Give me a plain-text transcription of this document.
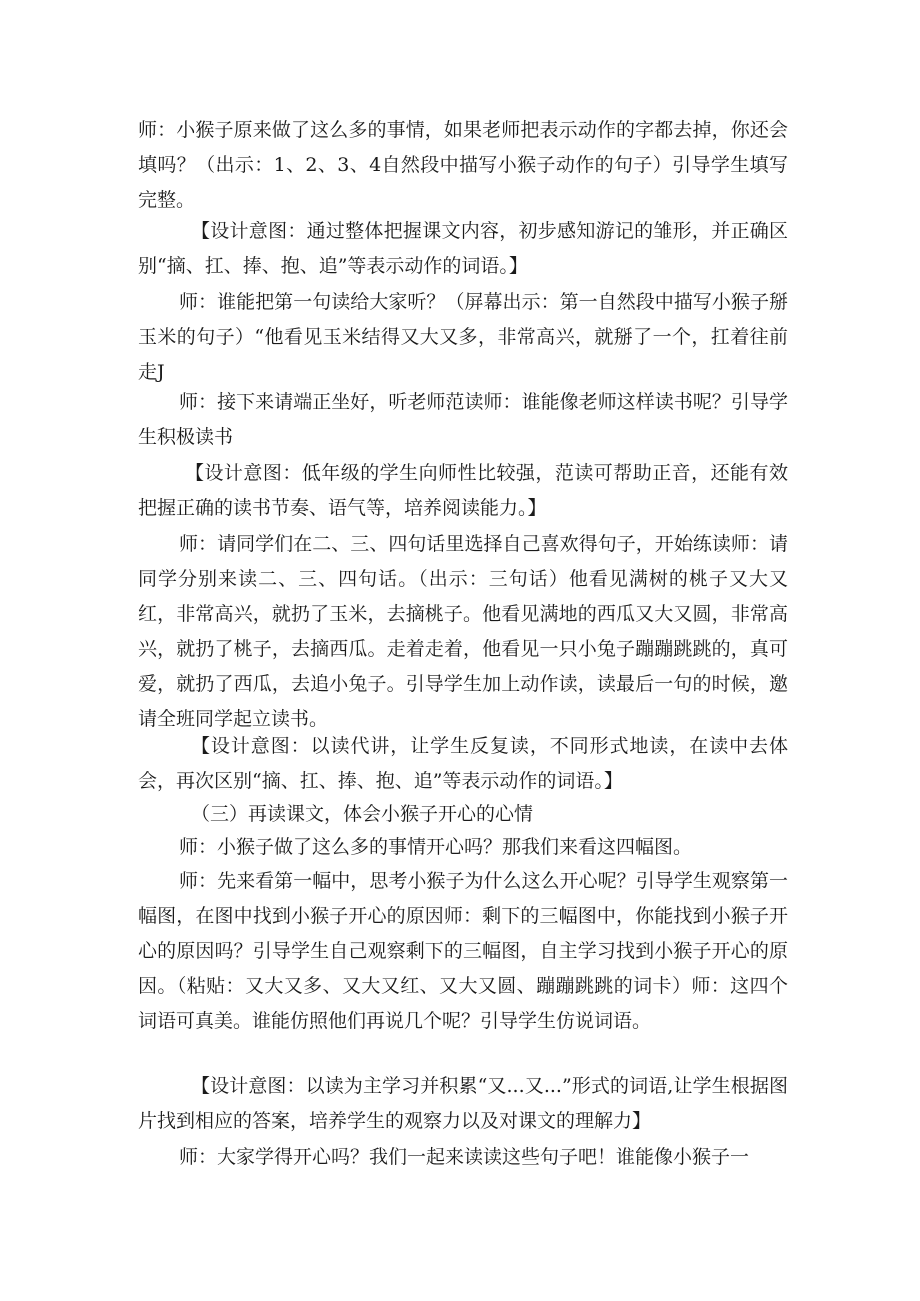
师：小猴子原来做了这么多的事情，如果老师把表示动作的字都去掉，你还会填吗？（出示：1、2、3、4自然段中描写小猴子动作的句子）引导学生填写完整。

【设计意图：通过整体把握课文内容，初步感知游记的雏形，并正确区别“摘、扛、捧、抱、追”等表示动作的词语。】

师：谁能把第一句读给大家听？（屏幕出示：第一自然段中描写小猴子掰玉米的句子）“他看见玉米结得又大又多，非常高兴，就掰了一个，扛着往前走J

师：接下来请端正坐好，听老师范读师：谁能像老师这样读书呢？引导学生积极读书

【设计意图：低年级的学生向师性比较强，范读可帮助正音，还能有效把握正确的读书节奏、语气等，培养阅读能力。】

师：请同学们在二、三、四句话里选择自己喜欢得句子，开始练读师：请同学分别来读二、三、四句话。（出示：三句话）他看见满树的桃子又大又红，非常高兴，就扔了玉米，去摘桃子。他看见满地的西瓜又大又圆，非常高兴，就扔了桃子，去摘西瓜。走着走着，他看见一只小兔子蹦蹦跳跳的，真可爱，就扔了西瓜，去追小兔子。引导学生加上动作读，读最后一句的时候，邀请全班同学起立读书。

【设计意图：以读代讲，让学生反复读，不同形式地读，在读中去体会，再次区别“摘、扛、捧、抱、追”等表示动作的词语。】

（三）再读课文，体会小猴子开心的心情

师：小猴子做了这么多的事情开心吗？那我们来看这四幅图。

师：先来看第一幅中，思考小猴子为什么这么开心呢？引导学生观察第一幅图，在图中找到小猴子开心的原因师：剩下的三幅图中，你能找到小猴子开心的原因吗？引导学生自己观察剩下的三幅图，自主学习找到小猴子开心的原因。（粘贴：又大又多、又大又红、又大又圆、蹦蹦跳跳的词卡）师：这四个词语可真美。谁能仿照他们再说几个呢？引导学生仿说词语。

【设计意图：以读为主学习并积累“又...又...”形式的词语,让学生根据图片找到相应的答案，培养学生的观察力以及对课文的理解力】

师：大家学得开心吗？我们一起来读读这些句子吧！谁能像小猴子一
